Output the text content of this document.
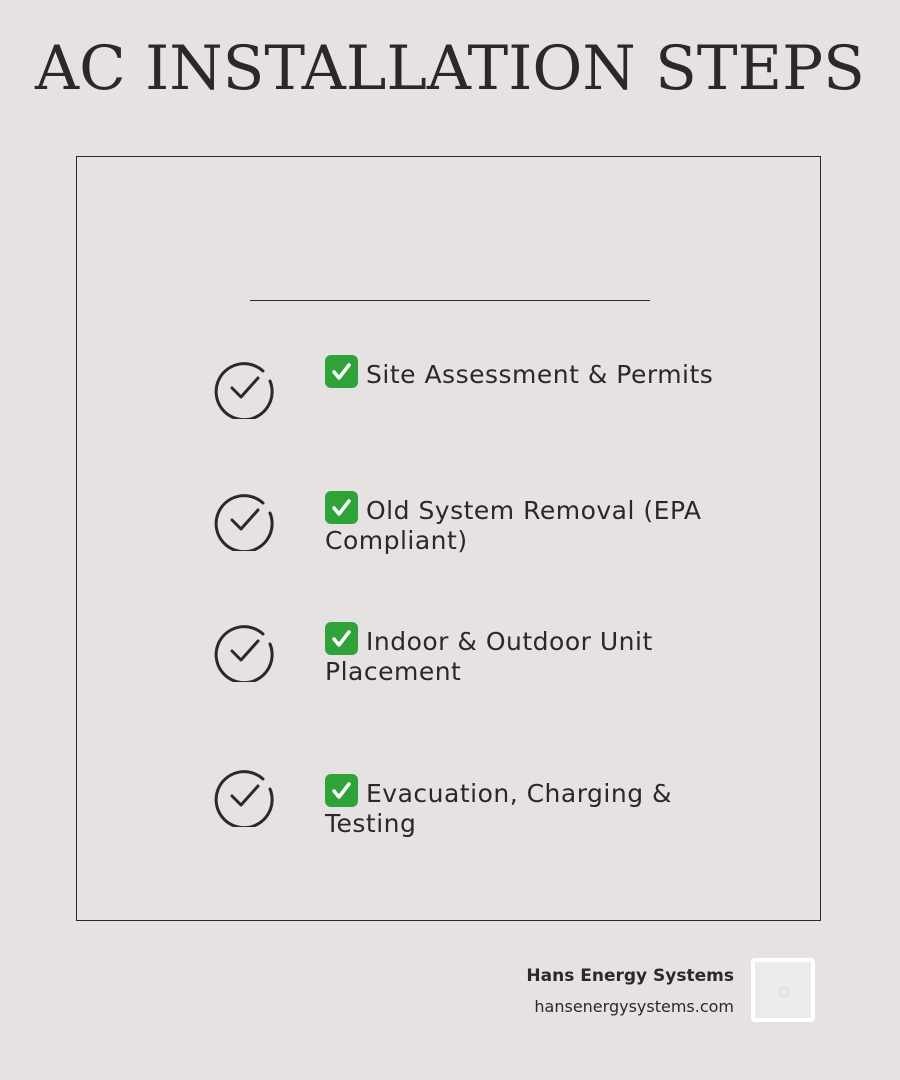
AC INSTALLATION STEPS
Site Assessment & Permits
Old System Removal (EPA Compliant)
Indoor & Outdoor Unit Placement
Evacuation, Charging & Testing
Hans Energy Systems
hansenergysystems.com
